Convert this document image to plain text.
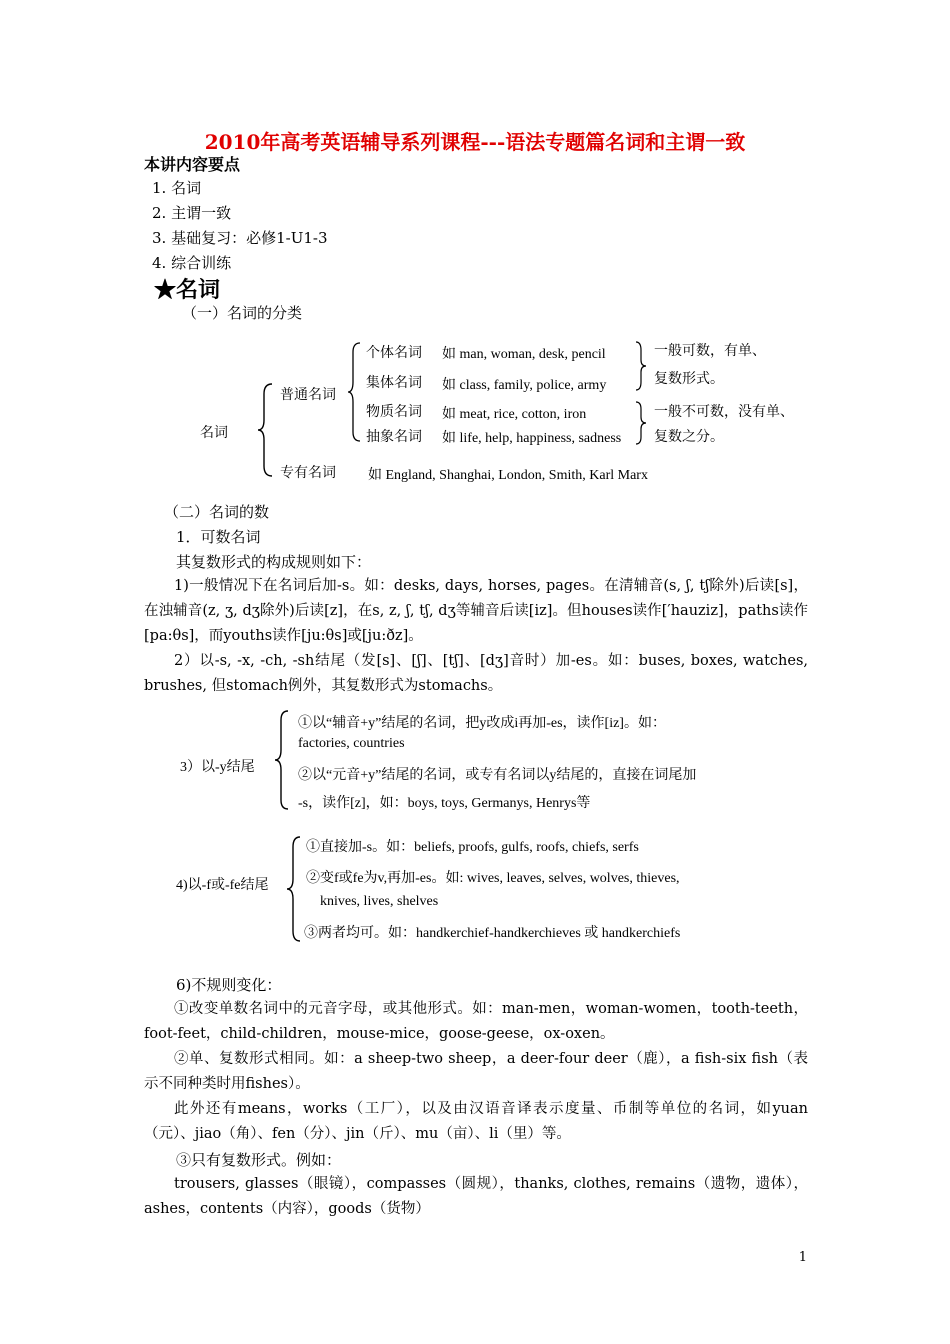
2010年高考英语辅导系列课程---语法专题篇名词和主谓一致
本讲内容要点
1. 名词
2. 主谓一致
3. 基础复习：必修1-U1-3
4. 综合训练
★名词
（一）名词的分类
名词
普通名词
专有名词 如 England, Shanghai, London, Smith, Karl Marx
个体名词 如 man, woman, desk, pencil
集体名词 如 class, family, police, army
物质名词 如 meat, rice, cotton, iron
抽象名词 如 life, help, happiness, sadness
一般可数，有单、
复数形式。
一般不可数，没有单、
复数之分。
（二）名词的数
1．可数名词
其复数形式的构成规则如下：
1)一般情况下在名词后加-s。如：desks, days, horses, pages。在清辅音(s, ʃ, tʃ除外)后读[s]，在浊辅音(z, ʒ, dʒ除外)后读[z]，在s, z, ʃ, tʃ, dʒ等辅音后读[iz]。但houses读作[′hauziz]，paths读作[pa:θs]，而youths读作[ju:θs]或[ju:ðz]。
2）以-s, -x, -ch, -sh结尾（发[s]、[ʃ]、[tʃ]、[dʒ]音时）加-es。如：buses, boxes, watches, brushes, 但stomach例外，其复数形式为stomachs。
3）以-y结尾
①以“辅音+y”结尾的名词，把y改成i再加-es，读作[iz]。如：
factories, countries
②以“元音+y”结尾的名词，或专有名词以y结尾的，直接在词尾加
-s，读作[z]，如：boys, toys, Germanys, Henrys等
4)以-f或-fe结尾
①直接加-s。如：beliefs, proofs, gulfs, roofs, chiefs, serfs
②变f或fe为v,再加-es。如: wives, leaves, selves, wolves, thieves,
knives, lives, shelves
③两者均可。如：handkerchief-handkerchieves 或 handkerchiefs
6)不规则变化：
①改变单数名词中的元音字母，或其他形式。如：man-men，woman-women，tooth-teeth，foot-feet，child-children，mouse-mice，goose-geese，ox-oxen。
②单、复数形式相同。如：a sheep-two sheep，a deer-four deer（鹿），a fish-six fish（表示不同种类时用fishes）。
此外还有means，works（工厂），以及由汉语音译表示度量、币制等单位的名词，如yuan（元）、jiao（角）、fen（分）、jin（斤）、mu（亩）、li（里）等。
③只有复数形式。例如：
trousers, glasses（眼镜），compasses（圆规），thanks, clothes, remains（遗物，遗体），ashes，contents（内容），goods（货物）
1
